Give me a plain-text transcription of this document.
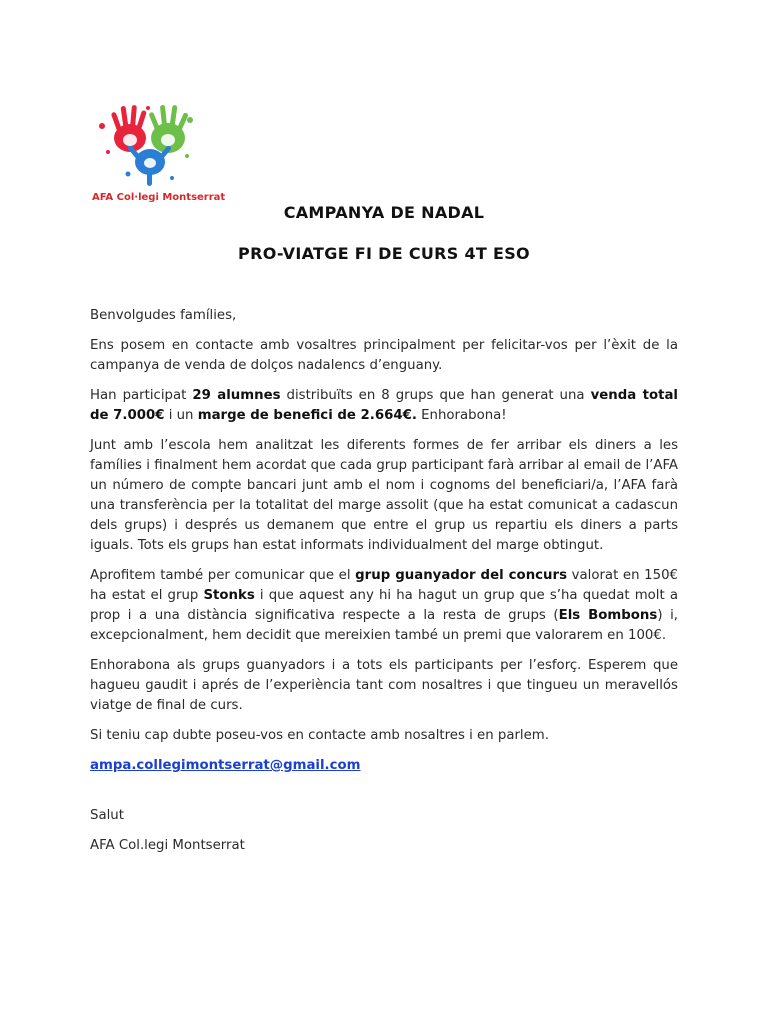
AFA Col·legi Montserrat
CAMPANYA DE NADAL
PRO-VIATGE FI DE CURS 4T ESO

Benvolgudes famílies,

Ens posem en contacte amb vosaltres principalment per felicitar-vos per l’èxit de la campanya de venda de dolços nadalencs d’enguany.

Han participat 29 alumnes distribuïts en 8 grups que han generat una venda total de 7.000€ i un marge de benefici de 2.664€. Enhorabona!

Junt amb l’escola hem analitzat les diferents formes de fer arribar els diners a les famílies i finalment hem acordat que cada grup participant farà arribar al email de l’AFA un número de compte bancari junt amb el nom i cognoms del beneficiari/a, l’AFA farà una transferència per la totalitat del marge assolit (que ha estat comunicat a cadascun dels grups) i després us demanem que entre el grup us repartiu els diners a parts iguals. Tots els grups han estat informats individualment del marge obtingut.

Aprofitem també per comunicar que el grup guanyador del concurs valorat en 150€ ha estat el grup Stonks i que aquest any hi ha hagut un grup que s’ha quedat molt a prop i a una distància significativa respecte a la resta de grups (Els Bombons) i, excepcionalment, hem decidit que mereixien també un premi que valorarem en 100€.

Enhorabona als grups guanyadors i a tots els participants per l’esforç. Esperem que hagueu gaudit i aprés de l’experiència tant com nosaltres i que tingueu un meravellós viatge de final de curs.

Si teniu cap dubte poseu-vos en contacte amb nosaltres i en parlem.

ampa.collegimontserrat@gmail.com

Salut

AFA Col.legi Montserrat
